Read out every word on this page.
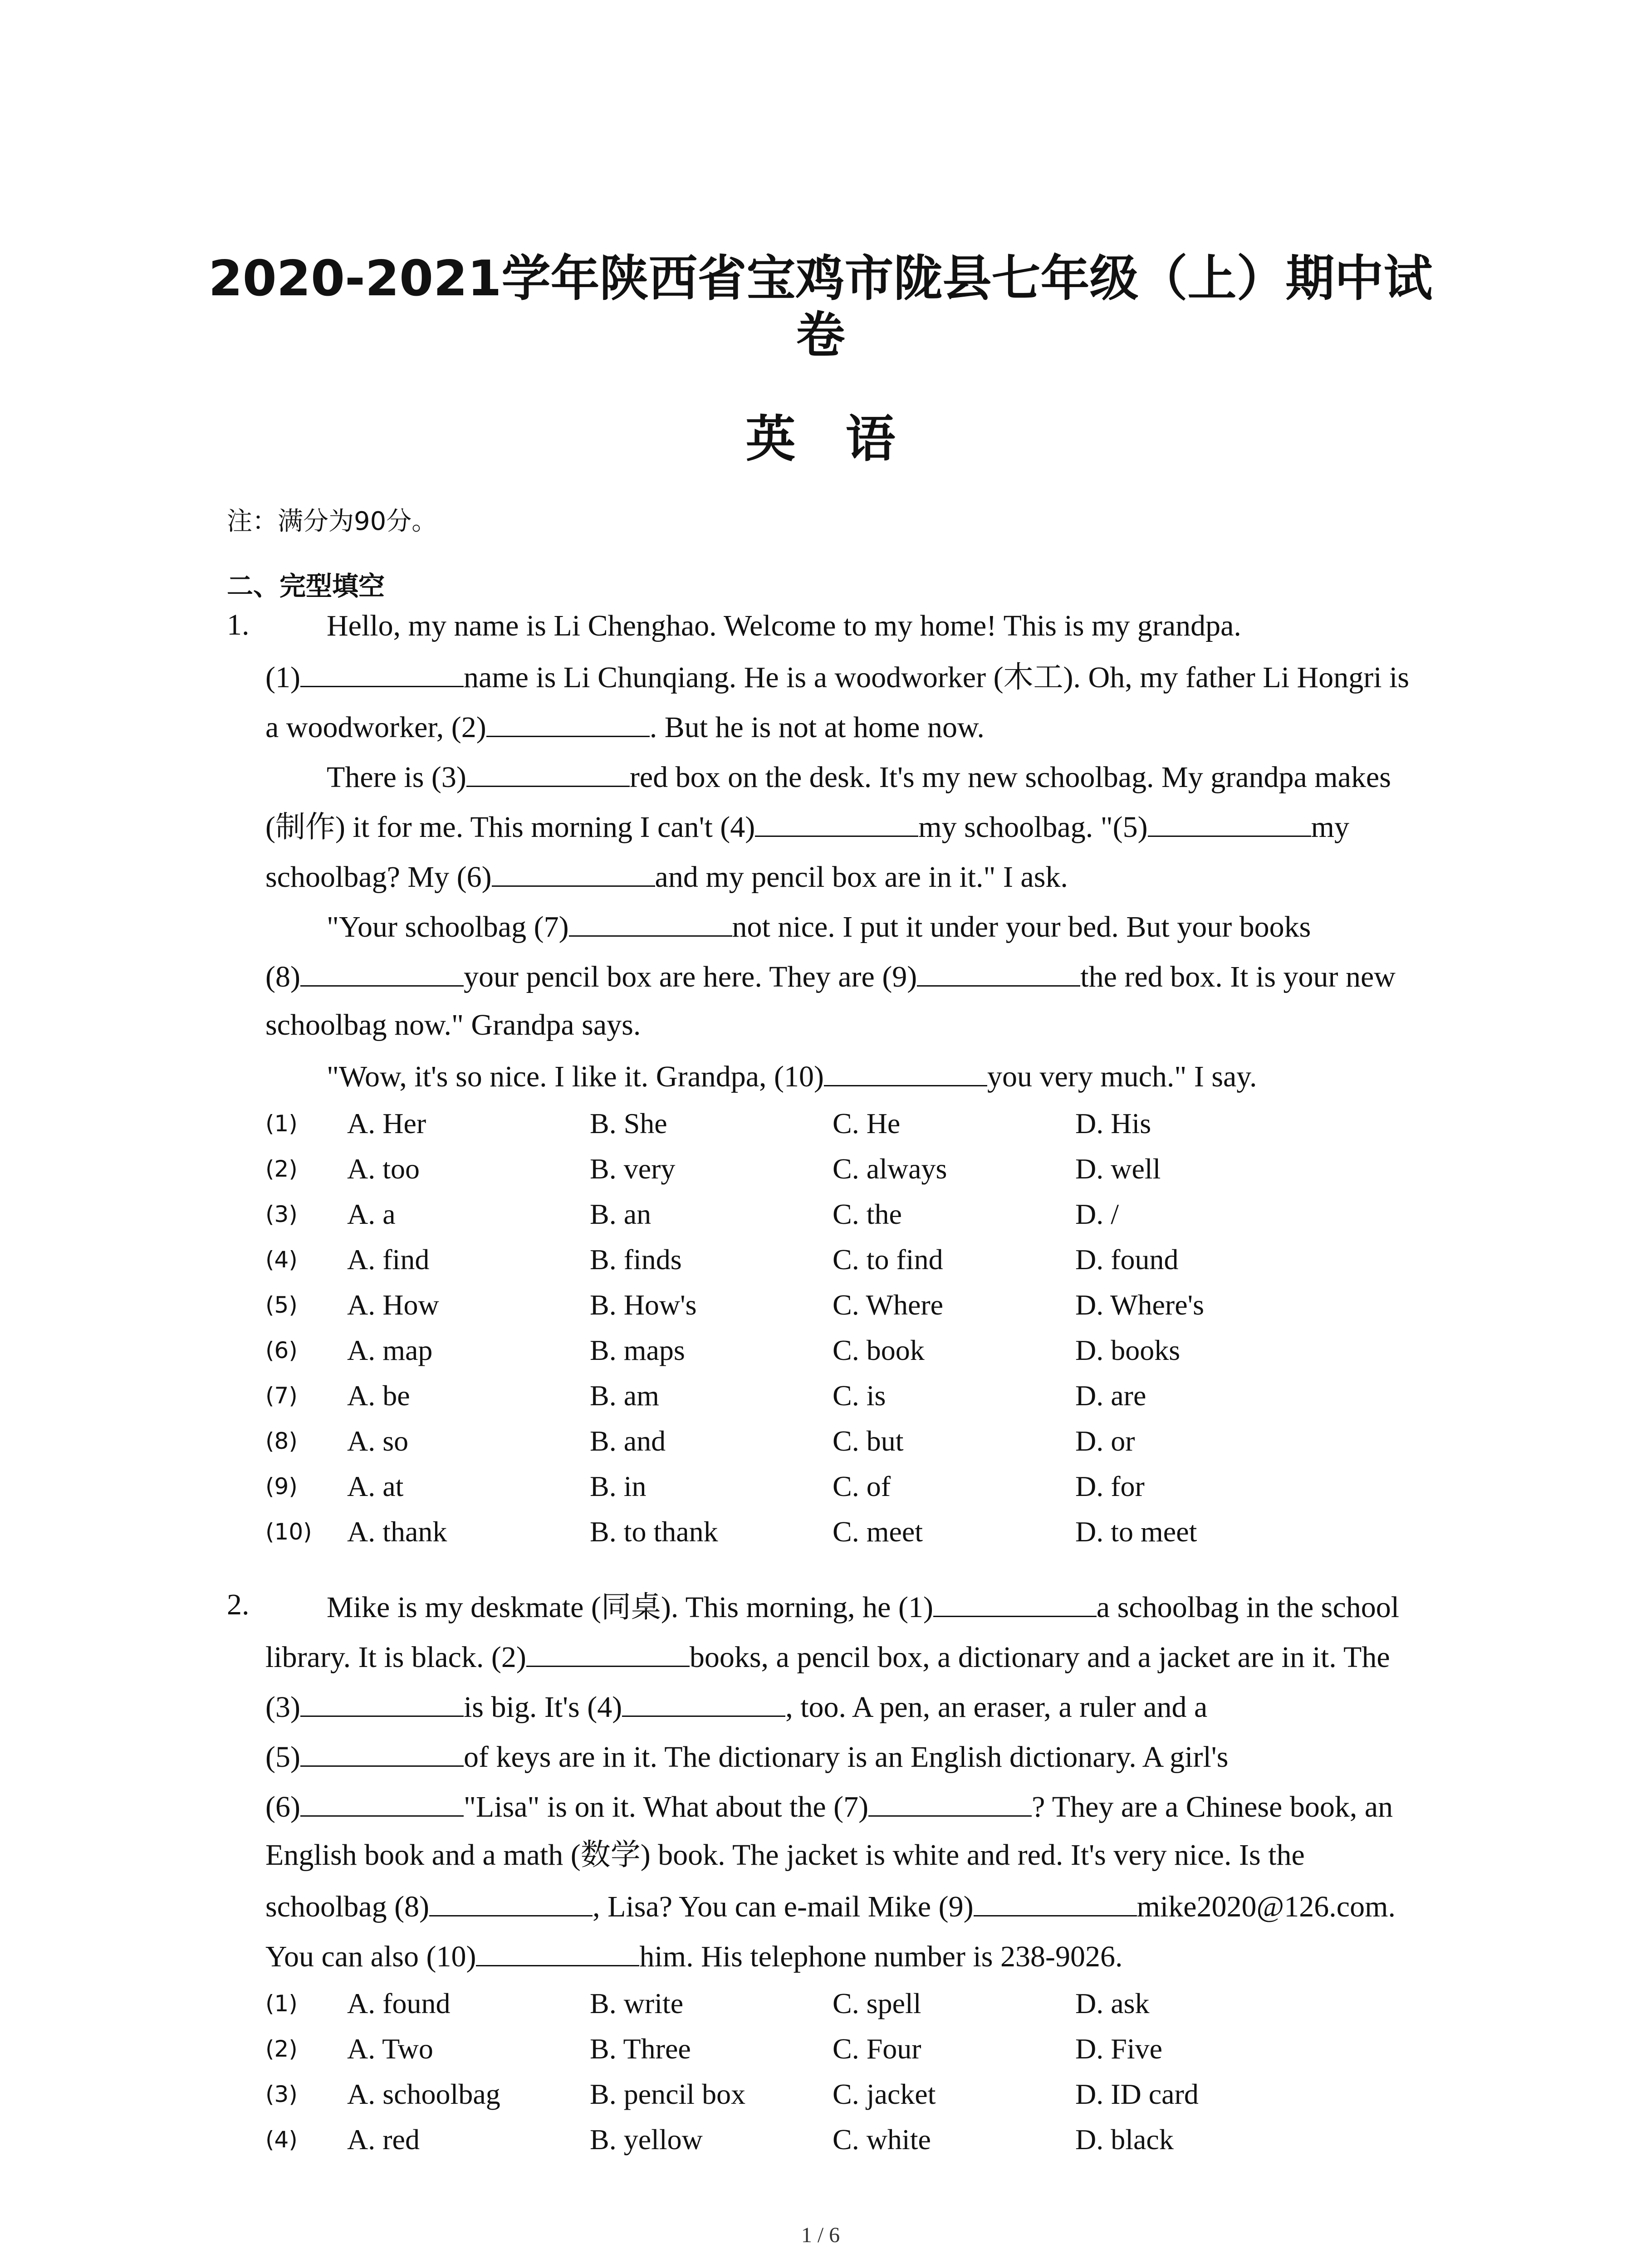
2020-2021学年陕西省宝鸡市陇县七年级（上）期中试
卷
英语
注：满分为90分。
二、完型填空
1.	Hello, my name is Li Chenghao. Welcome to my home! This is my grandpa.
(1)	name is Li Chunqiang. He is a woodworker (木工). Oh, my father Li Hongri is
a woodworker, (2)	. But he is not at home now.
There is (3)	red box on the desk. It's my new schoolbag. My grandpa makes
(制作) it for me. This morning I can't (4)	my schoolbag. "(5)	my
schoolbag? My (6)	and my pencil box are in it." I ask.
"Your schoolbag (7)	not nice. I put it under your bed. But your books
(8)	your pencil box are here. They are (9)	the red box. It is your new
schoolbag now." Grandpa says.
"Wow, it's so nice. I like it. Grandpa, (10)	you very much." I say.
(1) A. Her	B. She	C. He	D. His
(2) A. too	B. very	C. always	D. well
(3) A. a	B. an	C. the	D. /
(4) A. find	B. finds	C. to find	D. found
(5) A. How	B. How's	C. Where	D. Where's
(6) A. map	B. maps	C. book	D. books
(7) A. be	B. am	C. is	D. are
(8) A. so	B. and	C. but	D. or
(9) A. at	B. in	C. of	D. for
(10) A. thank	B. to thank	C. meet	D. to meet
2.	Mike is my deskmate (同桌). This morning, he (1)	a schoolbag in the school
library. It is black. (2)	books, a pencil box, a dictionary and a jacket are in it. The
(3)	is big. It's (4)	, too. A pen, an eraser, a ruler and a
(5)	of keys are in it. The dictionary is an English dictionary. A girl's
(6)	"Lisa" is on it. What about the (7)	? They are a Chinese book, an
English book and a math (数学) book. The jacket is white and red. It's very nice. Is the
schoolbag (8)	, Lisa? You can e-mail Mike (9)	mike2020@126.com.
You can also (10)	him. His telephone number is 238-9026.
(1) A. found	B. write	C. spell	D. ask
(2) A. Two	B. Three	C. Four	D. Five
(3) A. schoolbag	B. pencil box	C. jacket	D. ID card
(4) A. red	B. yellow	C. white	D. black
1 / 6
